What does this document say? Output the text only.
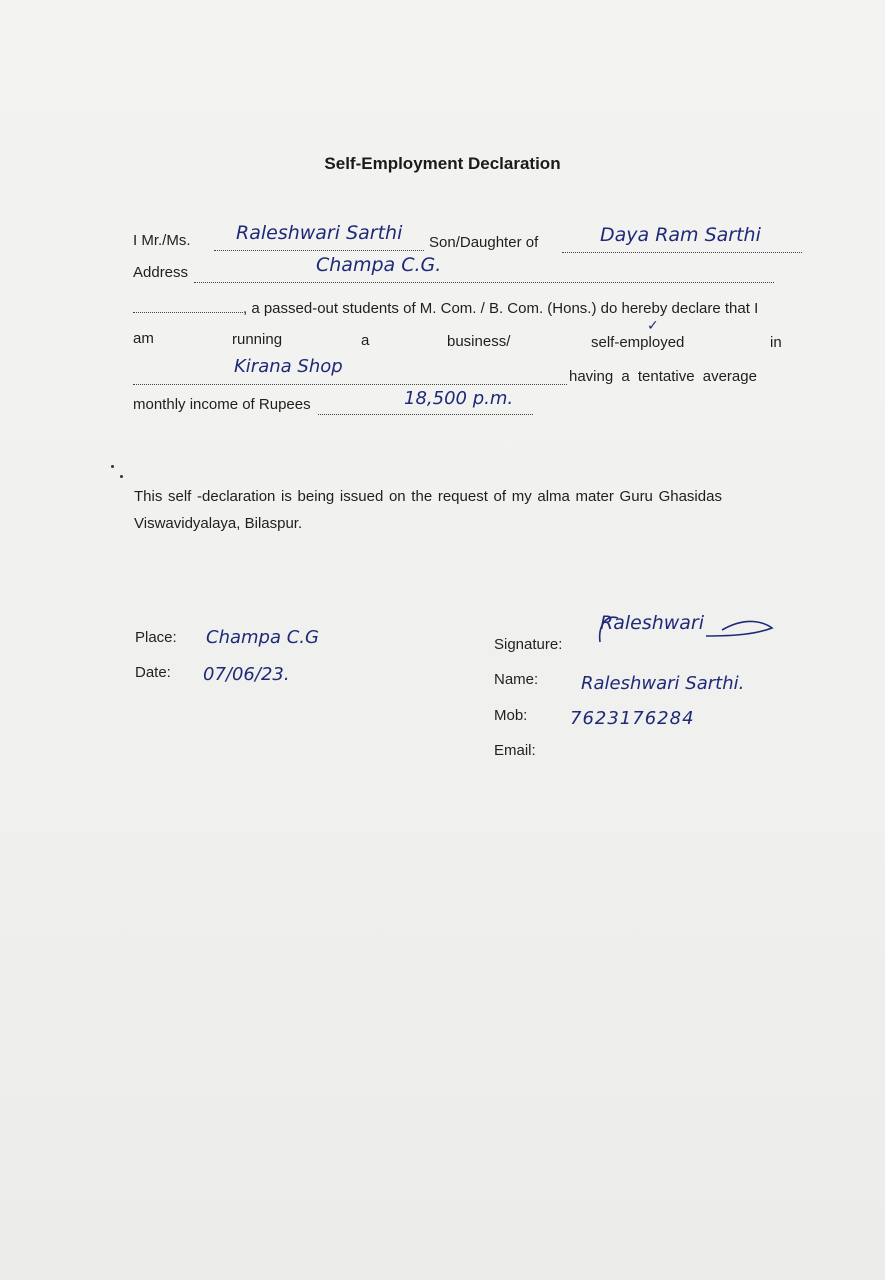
Self-Employment Declaration
I Mr./Ms. Raleshwari Sarthi Son/Daughter of	Daya Ram Sarthi
Address	Champa C.G.
, a passed-out students of M. Com. / B. Com. (Hons.) do hereby declare that I
am	running	a	business/
✓
self-employed	in
Kirana Shop	having a tentative average
monthly income of Rupees	18,500 p.m.
This self -declaration is being issued on the request of my alma mater Guru Ghasidas
Viswavidyalaya, Bilaspur.
Place: Champa C.G
Date: 07/06/23.
Signature:
Raleshwari
Name: Raleshwari Sarthi.
Mob: 7623176284
Email:
